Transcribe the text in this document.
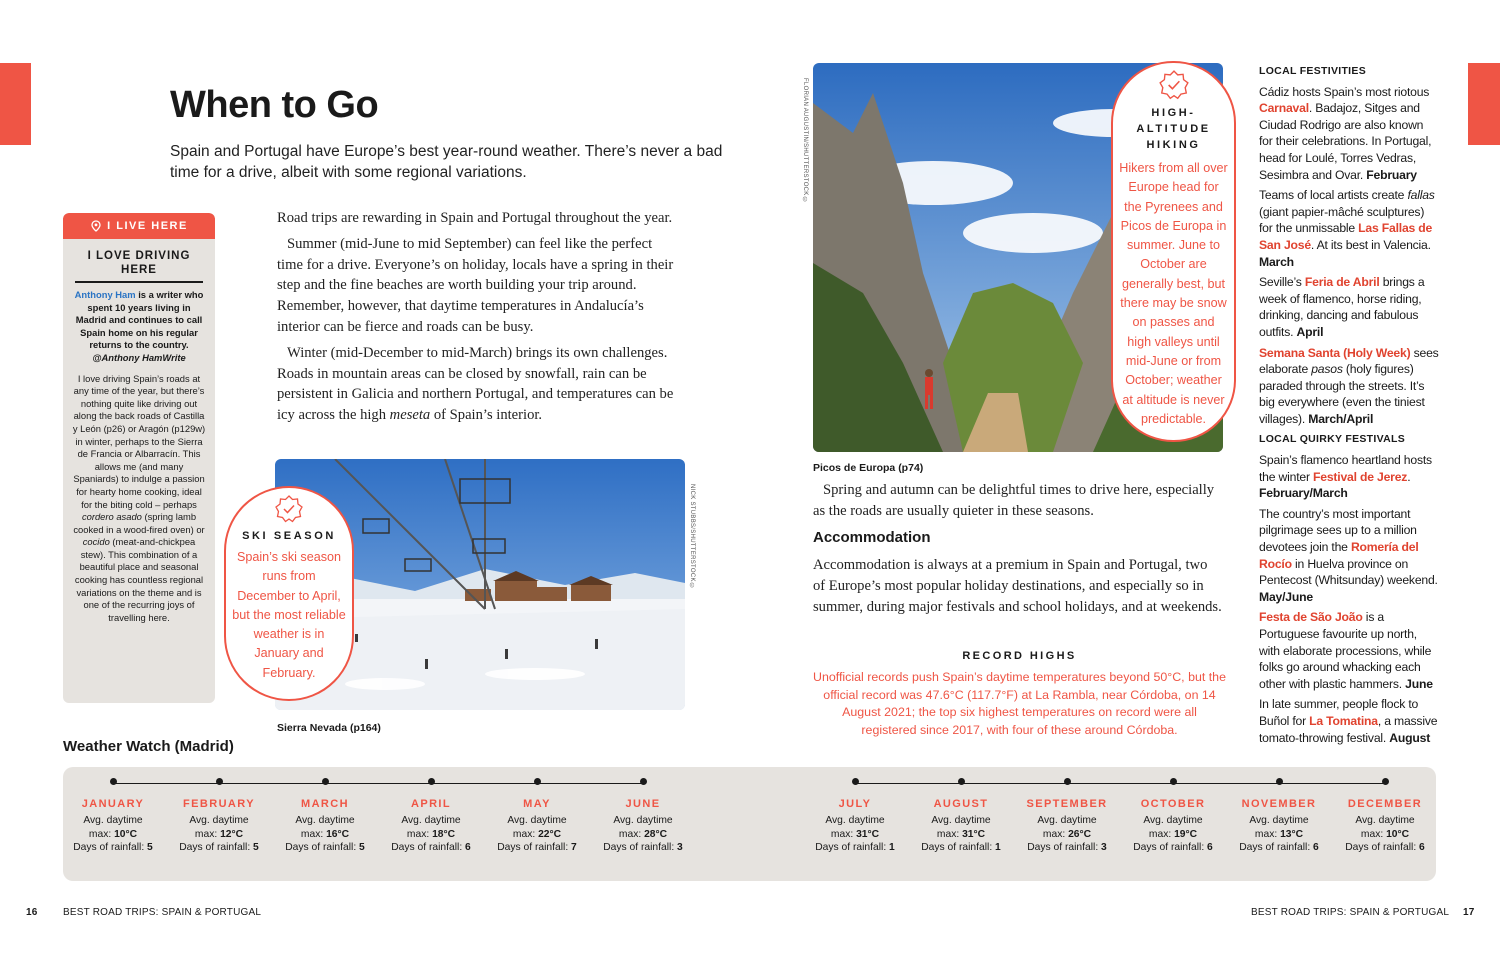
When to Go

Spain and Portugal have Europe’s best year-round weather. There’s never a bad time for a drive, albeit with some regional variations.

I LIVE HERE
I LOVE DRIVING HERE
Anthony Ham is a writer who spent 10 years living in Madrid and continues to call Spain home on his regular returns to the country. @Anthony HamWrite
I love driving Spain’s roads at any time of the year, but there’s nothing quite like driving out along the back roads of Castilla y León (p26) or Aragón (p129w) in winter, perhaps to the Sierra de Francia or Albarracín. This allows me (and many Spaniards) to indulge a passion for hearty home cooking, ideal for the biting cold – perhaps cordero asado (spring lamb cooked in a wood-fired oven) or cocido (meat-and-chickpea stew). This combination of a beautiful place and seasonal cooking has countless regional variations on the theme and is one of the recurring joys of travelling here.

Road trips are rewarding in Spain and Portugal throughout the year.

Summer (mid-June to mid September) can feel like the perfect time for a drive. Everyone’s on holiday, locals have a spring in their step and the fine beaches are worth building your trip around. Remember, however, that daytime temperatures in Andalucía’s interior can be fierce and roads can be busy.

Winter (mid-December to mid-March) brings its own challenges. Roads in mountain areas can be closed by snowfall, rain can be persistent in Galicia and northern Portugal, and temperatures can be icy across the high meseta of Spain’s interior.

NICK STUBBS/SHUTTERSTOCK ©
Sierra Nevada (p164)
SKI SEASON
Spain’s ski season runs from December to April, but the most reliable weather is in January and February.
FLORIAN AUGUSTIN/SHUTTERSTOCK ©
Picos de Europa (p74)
HIGH-ALTITUDE HIKING
Hikers from all over Europe head for the Pyrenees and Picos de Europa in summer. June to October are generally best, but there may be snow on passes and high valleys until mid-June or from October; weather at altitude is never predictable.

Spring and autumn can be delightful times to drive here, especially as the roads are usually quieter in these seasons.

Accommodation

Accommodation is always at a premium in Spain and Portugal, two of Europe’s most popular holiday destinations, and especially so in summer, during major festivals and school holidays, and at weekends.

RECORD HIGHS

Unofficial records push Spain’s daytime temperatures beyond 50°C, but the official record was 47.6°C (117.7°F) at La Rambla, near Córdoba, on 14 August 2021; the top six highest temperatures on record were all registered since 2017, with four of these around Córdoba.

LOCAL FESTIVITIES

Cádiz hosts Spain’s most riotous Carnaval. Badajoz, Sitges and Ciudad Rodrigo are also known for their celebrations. In Portugal, head for Loulé, Torres Vedras, Sesimbra and Ovar. February

Teams of local artists create fallas (giant papier-mâché sculptures) for the unmissable Las Fallas de San José. At its best in Valencia. March

Seville’s Feria de Abril brings a week of flamenco, horse riding, drinking, dancing and fabulous outfits. April

Semana Santa (Holy Week) sees elaborate pasos (holy figures) paraded through the streets. It’s big everywhere (even the tiniest villages). March/April

LOCAL QUIRKY FESTIVALS

Spain’s flamenco heartland hosts the winter Festival de Jerez. February/March

The country’s most important pilgrimage sees up to a million devotees join the Romería del Rocío in Huelva province on Pentecost (Whitsunday) weekend. May/June

Festa de São João is a Portuguese favourite up north, with elaborate processions, while folks go around whacking each other with plastic hammers. June

In late summer, people flock to Buñol for La Tomatina, a massive tomato-throwing festival. August

Weather Watch (Madrid)
JANUARY
Avg. daytime
max: 10°C
Days of rainfall: 5
FEBRUARY
Avg. daytime
max: 12°C
Days of rainfall: 5
MARCH
Avg. daytime
max: 16°C
Days of rainfall: 5
APRIL
Avg. daytime
max: 18°C
Days of rainfall: 6
MAY
Avg. daytime
max: 22°C
Days of rainfall: 7
JUNE
Avg. daytime
max: 28°C
Days of rainfall: 3
JULY
Avg. daytime
max: 31°C
Days of rainfall: 1
AUGUST
Avg. daytime
max: 31°C
Days of rainfall: 1
SEPTEMBER
Avg. daytime
max: 26°C
Days of rainfall: 3
OCTOBER
Avg. daytime
max: 19°C
Days of rainfall: 6
NOVEMBER
Avg. daytime
max: 13°C
Days of rainfall: 6
DECEMBER
Avg. daytime
max: 10°C
Days of rainfall: 6
16	BEST ROAD TRIPS: SPAIN & PORTUGAL	BEST ROAD TRIPS: SPAIN & PORTUGAL 17
